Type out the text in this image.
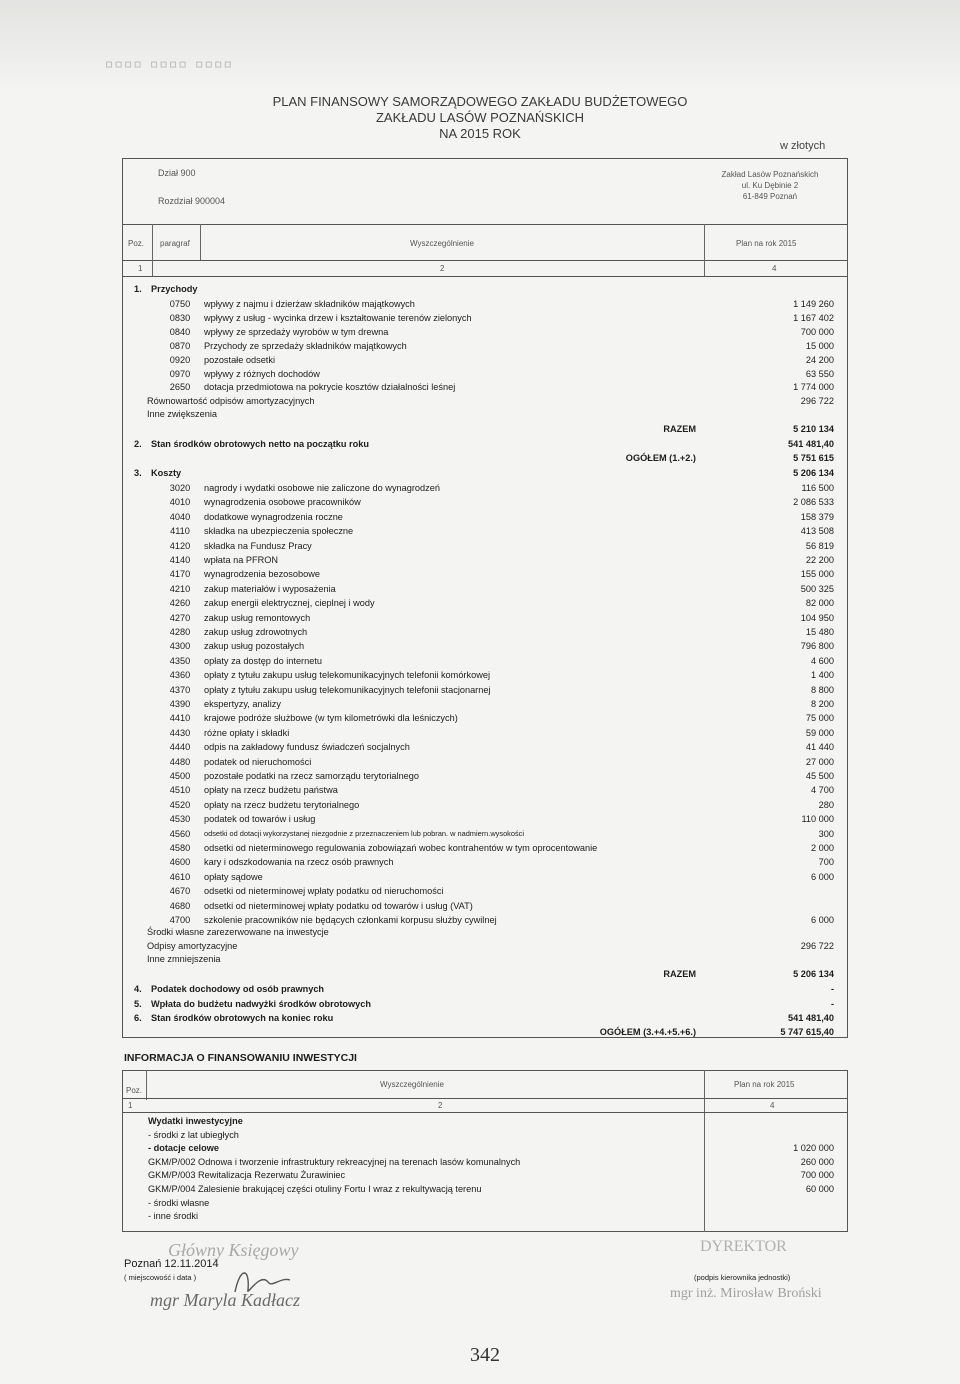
▫▫▫▫ ▫▫▫▫ ▫▫▫▫
PLAN FINANSOWY SAMORZĄDOWEGO ZAKŁADU BUDŻETOWEGO
ZAKŁADU LASÓW POZNAŃSKICH
NA 2015 ROK
w złotych
Dział 900
Rozdział 900004
Zakład Lasów Poznańskich
ul. Ku Dębinie 2
61-849 Poznań
Poz. paragraf	Wyszczególnienie	Plan na rok 2015
1	2	4
1. Przychody
0750	wpływy z najmu i dzierżaw składników majątkowych	1 149 260
0830	wpływy z usług - wycinka drzew i kształtowanie terenów zielonych	1 167 402
0840	wpływy ze sprzedaży wyrobów w tym drewna	700 000
0870	Przychody ze sprzedaży składników majątkowych	15 000
0920	pozostałe odsetki	24 200
0970	wpływy z różnych dochodów	63 550
2650	dotacja przedmiotowa na pokrycie kosztów działalności leśnej	1 774 000
Równowartość odpisów amortyzacyjnych	296 722
Inne zwiększenia
RAZEM	5 210 134
2. Stan środków obrotowych netto na początku roku	541 481,40
OGÓŁEM (1.+2.)	5 751 615
3. Koszty	5 206 134
3020	nagrody i wydatki osobowe nie zaliczone do wynagrodzeń	116 500
4010	wynagrodzenia osobowe pracowników	2 086 533
4040	dodatkowe wynagrodzenia roczne	158 379
4110	składka na ubezpieczenia społeczne	413 508
4120	składka na Fundusz Pracy	56 819
4140	wpłata na PFRON	22 200
4170	wynagrodzenia bezosobowe	155 000
4210	zakup materiałów i wyposażenia	500 325
4260	zakup energii elektrycznej, cieplnej i wody	82 000
4270	zakup usług remontowych	104 950
4280	zakup usług zdrowotnych	15 480
4300	zakup usług pozostałych	796 800
4350	opłaty za dostęp do internetu	4 600
4360	opłaty z tytułu zakupu usług telekomunikacyjnych telefonii komórkowej	1 400
4370	opłaty z tytułu zakupu usług telekomunikacyjnych telefonii stacjonarnej	8 800
4390	ekspertyzy, analizy	8 200
4410	krajowe podróże służbowe (w tym kilometrówki dla leśniczych)	75 000
4430	różne opłaty i składki	59 000
4440	odpis na zakładowy fundusz świadczeń socjalnych	41 440
4480	podatek od nieruchomości	27 000
4500	pozostałe podatki na rzecz samorządu terytorialnego	45 500
4510	opłaty na rzecz budżetu państwa	4 700
4520	opłaty na rzecz budżetu terytorialnego	280
4530	podatek od towarów i usług	110 000
4560	odsetki od dotacji wykorzystanej niezgodnie z przeznaczeniem lub pobran. w nadmiern.wysokości	300
4580	odsetki od nieterminowego regulowania zobowiązań wobec kontrahentów w tym oprocentowanie	2 000
4600	kary i odszkodowania na rzecz osób prawnych	700
4610	opłaty sądowe	6 000
4670	odsetki od nieterminowej wpłaty podatku od nieruchomości
4680	odsetki od nieterminowej wpłaty podatku od towarów i usług (VAT)
4700	szkolenie pracowników nie będących członkami korpusu służby cywilnej	6 000
Środki własne zarezerwowane na inwestycje
Odpisy amortyzacyjne	296 722
Inne zmniejszenia
RAZEM	5 206 134
4. Podatek dochodowy od osób prawnych	-
5. Wpłata do budżetu nadwyżki środków obrotowych	-
6. Stan środków obrotowych na koniec roku	541 481,40
OGÓŁEM (3.+4.+5.+6.)	5 747 615,40
INFORMACJA O FINANSOWANIU INWESTYCJI
Poz.
Wyszczególnienie	Plan na rok 2015
1	2	4
Wydatki inwestycyjne
- środki z lat ubiegłych
- dotacje celowe	1 020 000
GKM/P/002 Odnowa i tworzenie infrastruktury rekreacyjnej na terenach lasów komunalnych	260 000
GKM/P/003 Rewitalizacja Rezerwatu Żurawiniec	700 000
GKM/P/004 Zalesienie brakującej części otuliny Fortu I wraz z rekultywacją terenu	60 000
- środki własne
- inne środki
Główny Księgowy	DYREKTOR
Poznań 12.11.2014
( miejscowość i data )	(podpis kierownika jednostki)
mgr Maryla Kadłacz	mgr inż. Mirosław Broński
342
